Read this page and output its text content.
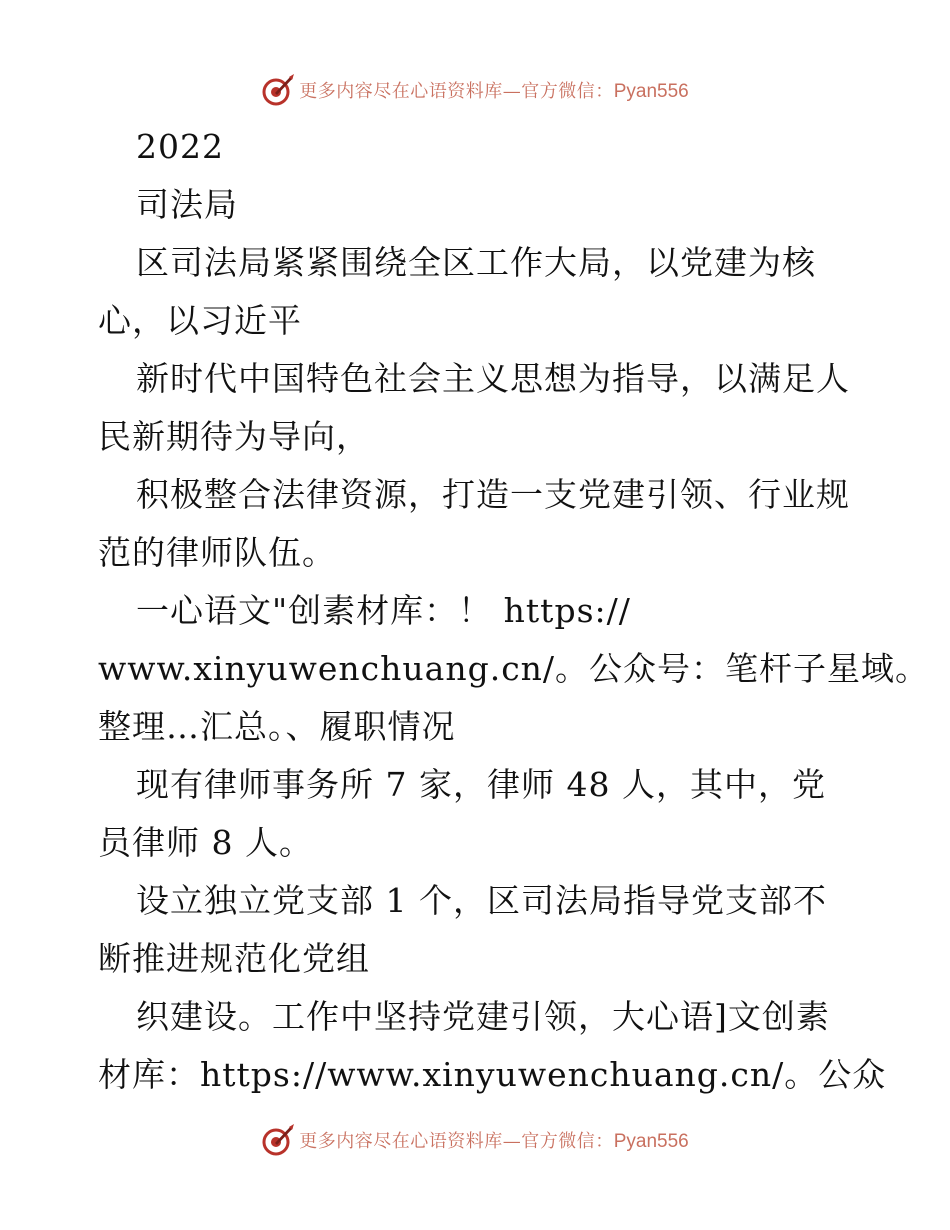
更多内容尽在心语资料库—官方微信：Pyan556
2022
司法局
区司法局紧紧围绕全区工作大局，以党建为核
心，以习近平
新时代中国特色社会主义思想为指导，以满足人
民新期待为导向，
积极整合法律资源，打造一支党建引领、行业规
范的律师队伍。
一心语文"创素材库：！ https://
www.xinyuwenchuang.cn/。公众号：笔杆子星域。
整理…汇总。、履职情况
现有律师事务所 7 家，律师 48 人，其中，党
员律师 8 人。
设立独立党支部 1 个，区司法局指导党支部不
断推进规范化党组
织建设。工作中坚持党建引领，大心语]文创素
材库：https://www.xinyuwenchuang.cn/。公众
更多内容尽在心语资料库—官方微信：Pyan556
